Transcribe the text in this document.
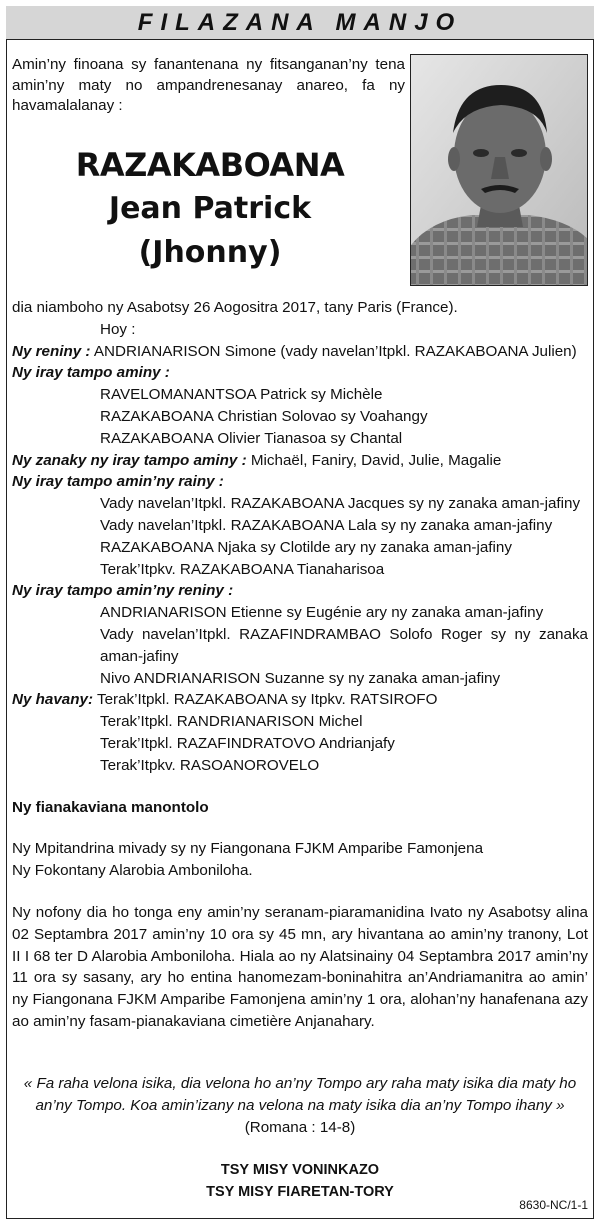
FILAZANA MANJO
Amin’ny finoana sy fanantenana ny fitsanganan’ny tena amin’ny maty no ampandrenesanay anareo, fa ny havamalalanay :
RAZAKABOANA
Jean Patrick
(Jhonny)
dia niamboho ny Asabotsy 26 Aogositra 2017, tany Paris (France).
Hoy :
Ny reniny : ANDRIANARISON Simone (vady navelan’Itpkl. RAZAKABOANA Julien)
Ny iray tampo aminy :
RAVELOMANANTSOA Patrick sy Michèle
RAZAKABOANA Christian Solovao sy Voahangy
RAZAKABOANA Olivier Tianasoa sy Chantal
Ny zanaky ny iray tampo aminy : Michaël, Faniry, David, Julie, Magalie
Ny iray tampo amin’ny rainy :
Vady navelan’Itpkl. RAZAKABOANA Jacques sy ny zanaka aman-jafiny
Vady navelan’Itpkl. RAZAKABOANA Lala sy ny zanaka aman-jafiny
RAZAKABOANA Njaka sy Clotilde ary ny zanaka aman-jafiny
Terak’Itpkv. RAZAKABOANA Tianaharisoa
Ny iray tampo amin’ny reniny :
ANDRIANARISON Etienne sy Eugénie ary ny zanaka aman-jafiny
Vady navelan’Itpkl. RAZAFINDRAMBAO Solofo Roger sy ny zanaka aman-jafiny
Nivo ANDRIANARISON Suzanne sy ny zanaka aman-jafiny
Ny havany: Terak’Itpkl. RAZAKABOANA sy Itpkv. RATSIROFO
Terak’Itpkl. RANDRIANARISON Michel
Terak’Itpkl. RAZAFINDRATOVO Andrianjafy
Terak’Itpkv. RASOANOROVELO
Ny fianakaviana manontolo
Ny Mpitandrina mivady sy ny Fiangonana FJKM Amparibe Famonjena
Ny Fokontany Alarobia Amboniloha.
Ny nofony dia ho tonga eny amin’ny seranam-piaramanidina Ivato ny Asabotsy alina 02 Septambra 2017 amin’ny 10 ora sy 45 mn, ary hivantana ao amin’ny tranony, Lot II I 68 ter D Alarobia Amboniloha. Hiala ao ny Alatsinainy 04 Septambra 2017 amin’ny 11 ora sy sasany, ary ho entina hanomezam-boninahitra an’Andriamanitra ao amin’ ny Fiangonana FJKM Amparibe Famonjena amin’ny 1 ora, alohan’ny hanafenana azy ao amin’ny fasam-pianakaviana cimetière Anjanahary.
« Fa raha velona isika, dia velona ho an’ny Tompo ary raha maty isika dia maty ho an’ny Tompo. Koa amin’izany na velona na maty isika dia an’ny Tompo ihany »
(Romana : 14-8)
TSY MISY VONINKAZO
TSY MISY FIARETAN-TORY
8630-NC/1-1
